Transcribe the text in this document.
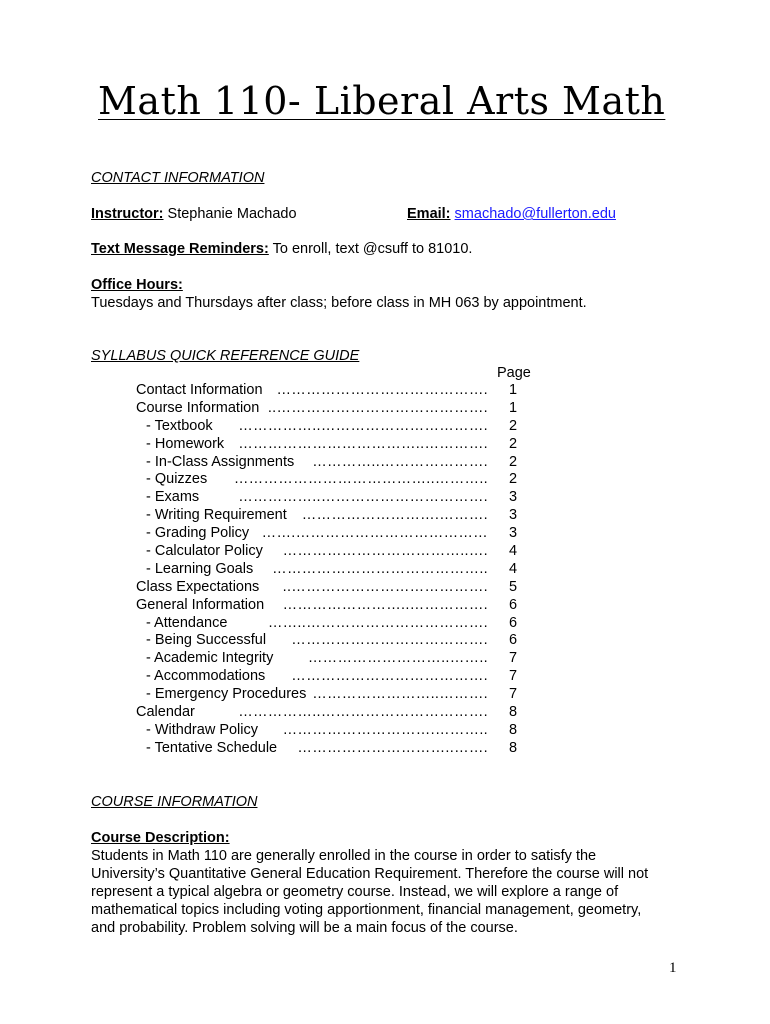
Math 110- Liberal Arts Math
CONTACT INFORMATION
Instructor: Stephanie Machado	Email: smachado@fullerton.edu
Text Message Reminders: To enroll, text @csuff to 81010.
Office Hours:
Tuesdays and Thursdays after class; before class in MH 063 by appointment.
SYLLABUS QUICK REFERENCE GUIDE
Page
Contact Information ……………………………………. 1
Course Information ..……………………………………. 1
- Textbook	……………..……………………………. 2
- Homework ………………………………..…………. 2
- In-Class Assignments	…………..…………………. 2
- Quizzes	…………………………………..……….. 2
- Exams	……………..……………………………. 3
- Writing Requirement	……………………….………. 3
- Grading Policy …….………………………………… 3
- Calculator Policy	………………………………..…. 4
- Learning Goals	…………………………………….. 4
Class Expectations	..…………………………………. 5
General Information	……………………..……………. 6
- Attendance	……..………………………………. 6
- Being Successful	…………………………………. 6
- Academic Integrity	………………………..…….. 7
- Accommodations	…………………………………. 7
- Emergency Procedures ……………………..………. 7
Calendar	……………..……………………………. 8
- Withdraw Policy	………………………….……….. 8
- Tentative Schedule	…………………………..……. 8
COURSE INFORMATION
Course Description:
Students in Math 110 are generally enrolled in the course in order to satisfy the
University’s Quantitative General Education Requirement. Therefore the course will not
represent a typical algebra or geometry course. Instead, we will explore a range of
mathematical topics including voting apportionment, financial management, geometry,
and probability. Problem solving will be a main focus of the course.
1
